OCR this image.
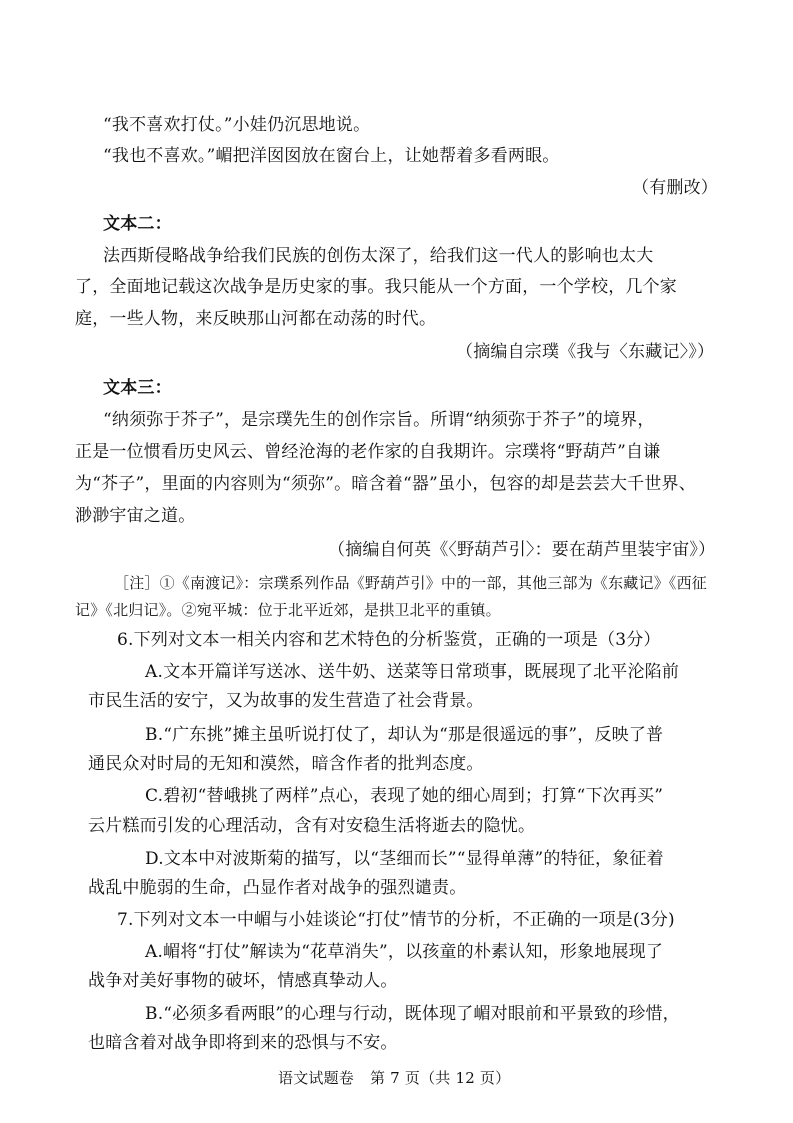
“我不喜欢打仗。”小娃仍沉思地说。

“我也不喜欢。”嵋把洋囡囡放在窗台上，让她帮着多看两眼。

（有删改）

文本二：

法西斯侵略战争给我们民族的创伤太深了，给我们这一代人的影响也太大

了，全面地记载这次战争是历史家的事。我只能从一个方面，一个学校，几个家

庭，一些人物，来反映那山河都在动荡的时代。

（摘编自宗璞《我与〈东藏记〉》）

文本三：

“纳须弥于芥子”，是宗璞先生的创作宗旨。所谓“纳须弥于芥子”的境界，

正是一位惯看历史风云、曾经沧海的老作家的自我期许。宗璞将“野葫芦”自谦

为“芥子”，里面的内容则为“须弥”。暗含着“器”虽小，包容的却是芸芸大千世界、

渺渺宇宙之道。

（摘编自何英《〈野葫芦引〉：要在葫芦里装宇宙》）

［注］①《南渡记》：宗璞系列作品《野葫芦引》中的一部，其他三部为《东藏记》《西征

记》《北归记》。②宛平城：位于北平近郊，是拱卫北平的重镇。

6.下列对文本一相关内容和艺术特色的分析鉴赏，正确的一项是（3分）

A.文本开篇详写送冰、送牛奶、送菜等日常琐事，既展现了北平沦陷前

市民生活的安宁，又为故事的发生营造了社会背景。

B.“广东挑”摊主虽听说打仗了，却认为“那是很遥远的事”，反映了普

通民众对时局的无知和漠然，暗含作者的批判态度。

C.碧初“替峨挑了两样”点心，表现了她的细心周到；打算“下次再买”

云片糕而引发的心理活动，含有对安稳生活将逝去的隐忧。

D.文本中对波斯菊的描写，以“茎细而长”“显得单薄”的特征，象征着

战乱中脆弱的生命，凸显作者对战争的强烈谴责。

7.下列对文本一中嵋与小娃谈论“打仗”情节的分析，不正确的一项是(3分)

A.嵋将“打仗”解读为“花草消失”，以孩童的朴素认知，形象地展现了

战争对美好事物的破坏，情感真挚动人。

B.“必须多看两眼”的心理与行动，既体现了嵋对眼前和平景致的珍惜，

也暗含着对战争即将到来的恐惧与不安。

语文试题卷 第 7 页（共 12 页）
